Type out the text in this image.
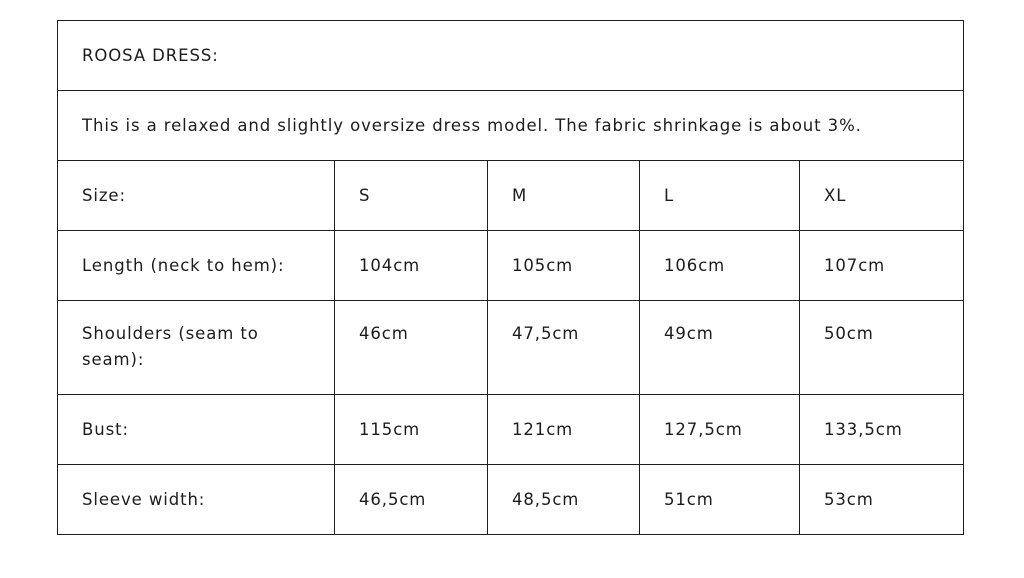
ROOSA DRESS:				
This is a relaxed and slightly oversize dress model. The fabric shrinkage is about 3%.				
Size:	S	M	L	XL
Length (neck to hem):	104cm	105cm	106cm	107cm
Shoulders (seam to seam):	46cm	47,5cm	49cm	50cm
Bust:	115cm	121cm	127,5cm	133,5cm
Sleeve width:	46,5cm	48,5cm	51cm	53cm
